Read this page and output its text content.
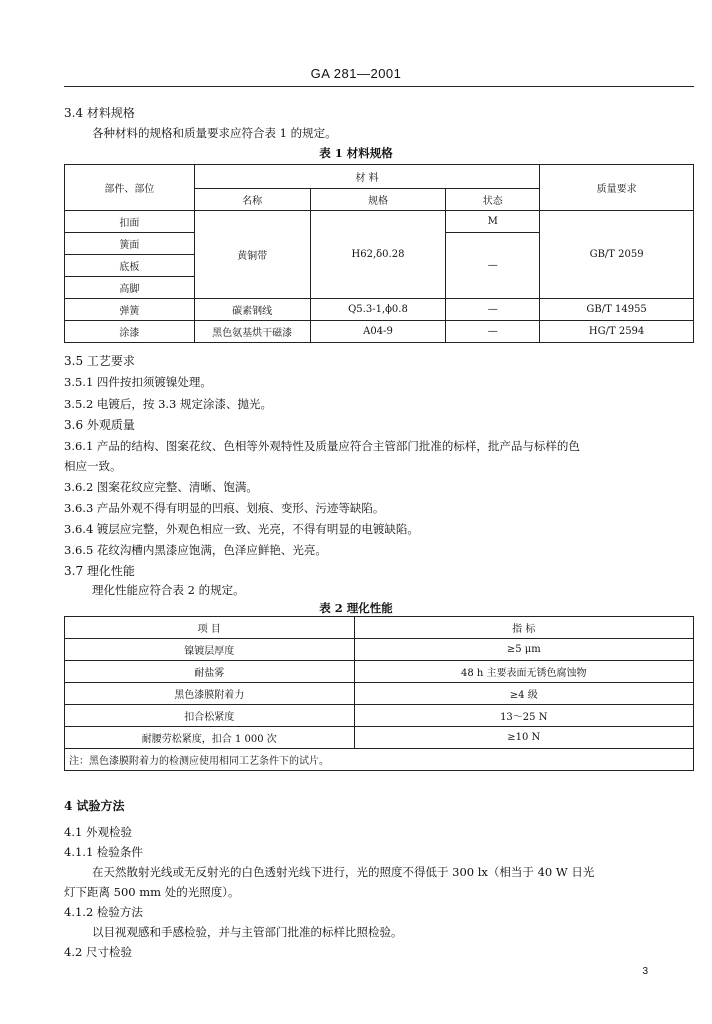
GA 281—2001
3.4 材料规格
各种材料的规格和质量要求应符合表 1 的规定。
表 1 材料规格
部件、部位	材 料			质量要求
	名称	规格	状态	
扣面	黄铜带	H62,δ0.28	M	GB/T 2059
簧面			—	
底板				
高脚				
弹簧	碳素钢线	Q5.3-1,ϕ0.8	—	GB/T 14955
涂漆	黑色氨基烘干磁漆	A04-9	—	HG/T 2594
3.5 工艺要求
3.5.1 四件按扣须镀镍处理。
3.5.2 电镀后，按 3.3 规定涂漆、抛光。
3.6 外观质量
3.6.1 产品的结构、图案花纹、色相等外观特性及质量应符合主管部门批准的标样，批产品与标样的色
相应一致。
3.6.2 图案花纹应完整、清晰、饱满。
3.6.3 产品外观不得有明显的凹痕、划痕、变形、污迹等缺陷。
3.6.4 镀层应完整，外观色相应一致、光亮，不得有明显的电镀缺陷。
3.6.5 花纹沟槽内黑漆应饱满，色泽应鲜艳、光亮。
3.7 理化性能
理化性能应符合表 2 的规定。
表 2 理化性能
项 目	指 标
镍镀层厚度	≥5 μm
耐盐雾	48 h 主要表面无锈色腐蚀物
黑色漆膜附着力	≥4 级
扣合松紧度	13～25 N
耐腰劳松紧度，扣合 1 000 次	≥10 N
注：黑色漆膜附着力的检测应使用相同工艺条件下的试片。	
4 试验方法
4.1 外观检验
4.1.1 检验条件
在天然散射光线或无反射光的白色透射光线下进行，光的照度不得低于 300 lx（相当于 40 W 日光
灯下距离 500 mm 处的光照度）。
4.1.2 检验方法
以目视观感和手感检验，并与主管部门批准的标样比照检验。
4.2 尺寸检验
3
